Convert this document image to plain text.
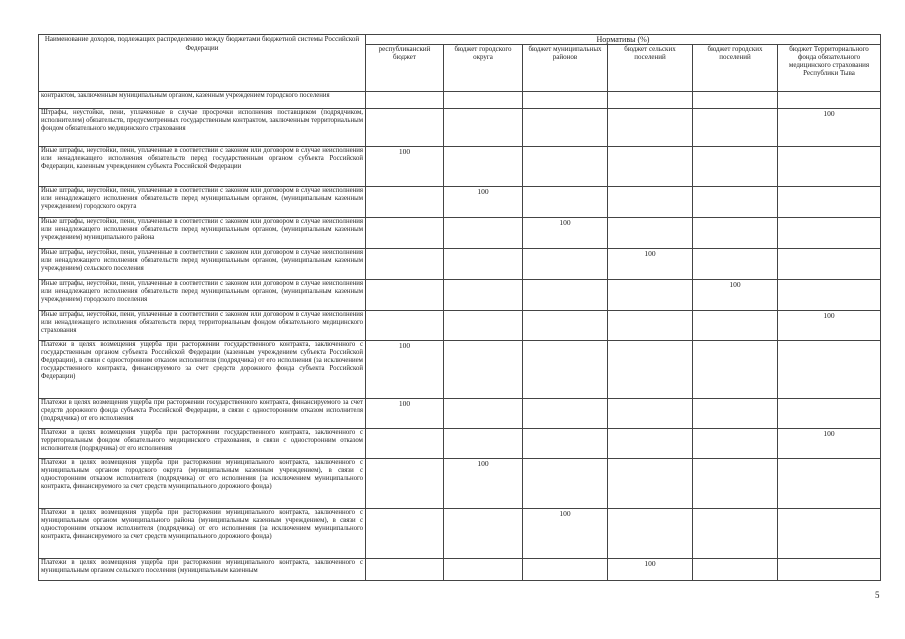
Наименование доходов, подлежащих распределению между бюджетами бюджетной системы Российской Федерации	Нормативы (%)					
	республиканский бюджет	бюджет городского округа	бюджет муниципальных районов	бюджет сельских поселений	бюджет городских поселений	бюджет Территориального фонда обязательного медицинского страхования Республики Тыва
контрактом, заключенным муниципальным органом, казенным учреждением городского поселения						
Штрафы, неустойки, пени, уплаченные в случае просрочки исполнения поставщиком (подрядчиком, исполнителем) обязательств, предусмотренных государственным контрактом, заключенным территориальным фондом обязательного медицинского страхования						100
Иные штрафы, неустойки, пени, уплаченные в соответствии с законом или договором в случае неисполнения или ненадлежащего исполнения обязательств перед государственным органом субъекта Российской Федерации, казенным учреждением субъекта Российской Федерации	100					
Иные штрафы, неустойки, пени, уплаченные в соответствии с законом или договором в случае неисполнения или ненадлежащего исполнения обязательств перед муниципальным органом, (муниципальным казенным учреждением) городского округа		100				
Иные штрафы, неустойки, пени, уплаченные в соответствии с законом или договором в случае неисполнения или ненадлежащего исполнения обязательств перед муниципальным органом, (муниципальным казенным учреждением) муниципального района			100			
Иные штрафы, неустойки, пени, уплаченные в соответствии с законом или договором в случае неисполнения или ненадлежащего исполнения обязательств перед муниципальным органом, (муниципальным казенным учреждением) сельского поселения				100		
Иные штрафы, неустойки, пени, уплаченные в соответствии с законом или договором в случае неисполнения или ненадлежащего исполнения обязательств перед муниципальным органом, (муниципальным казенным учреждением) городского поселения					100	
Иные штрафы, неустойки, пени, уплаченные в соответствии с законом или договором в случае неисполнения или ненадлежащего исполнения обязательств перед территориальным фондом обязательного медицинского страхования						100
Платежи в целях возмещения ущерба при расторжении государственного контракта, заключенного с государственным органом субъекта Российской Федерации (казенным учреждением субъекта Российской Федерации), в связи с односторонним отказом исполнителя (подрядчика) от его исполнения (за исключением государственного контракта, финансируемого за счет средств дорожного фонда субъекта Российской Федерации)	100					
Платежи в целях возмещения ущерба при расторжении государственного контракта, финансируемого за счет средств дорожного фонда субъекта Российской Федерации, в связи с односторонним отказом исполнителя (подрядчика) от его исполнения	100					
Платежи в целях возмещения ущерба при расторжении государственного контракта, заключенного с территориальным фондом обязательного медицинского страхования, в связи с односторонним отказом исполнителя (подрядчика) от его исполнения						100
Платежи в целях возмещения ущерба при расторжении муниципального контракта, заключенного с муниципальным органом городского округа (муниципальным казенным учреждением), в связи с односторонним отказом исполнителя (подрядчика) от его исполнения (за исключением муниципального контракта, финансируемого за счет средств муниципального дорожного фонда)		100				
Платежи в целях возмещения ущерба при расторжении муниципального контракта, заключенного с муниципальным органом муниципального района (муниципальным казенным учреждением), в связи с односторонним отказом исполнителя (подрядчика) от его исполнения (за исключением муниципального контракта, финансируемого за счет средств муниципального дорожного фонда)			100			
Платежи в целях возмещения ущерба при расторжении муниципального контракта, заключенного с муниципальным органом сельского поселения (муниципальным казенным				100		
5
